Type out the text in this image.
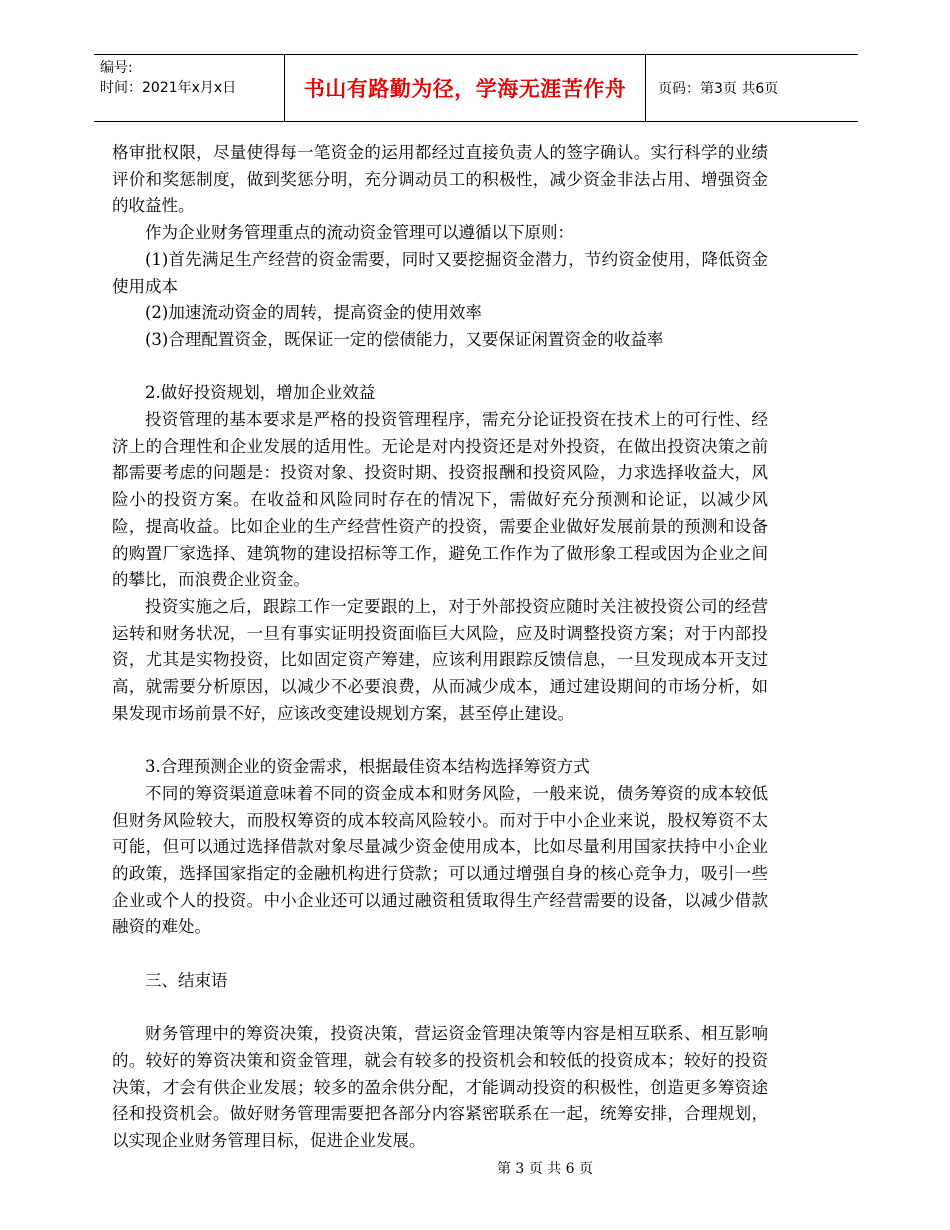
编号:
时间：2021年x月x日	书山有路勤为径，学海无涯苦作舟	页码：第3页 共6页

格审批权限，尽量使得每一笔资金的运用都经过直接负责人的签字确认。实行科学的业绩评价和奖惩制度，做到奖惩分明，充分调动员工的积极性，减少资金非法占用、增强资金的收益性。

作为企业财务管理重点的流动资金管理可以遵循以下原则：

(1)首先满足生产经营的资金需要，同时又要挖掘资金潜力，节约资金使用，降低资金使用成本

(2)加速流动资金的周转，提高资金的使用效率

(3)合理配置资金，既保证一定的偿债能力，又要保证闲置资金的收益率

2.做好投资规划，增加企业效益

投资管理的基本要求是严格的投资管理程序，需充分论证投资在技术上的可行性、经济上的合理性和企业发展的适用性。无论是对内投资还是对外投资，在做出投资决策之前都需要考虑的问题是：投资对象、投资时期、投资报酬和投资风险，力求选择收益大，风险小的投资方案。在收益和风险同时存在的情况下，需做好充分预测和论证，以减少风险，提高收益。比如企业的生产经营性资产的投资，需要企业做好发展前景的预测和设备的购置厂家选择、建筑物的建设招标等工作，避免工作作为了做形象工程或因为企业之间的攀比，而浪费企业资金。

投资实施之后，跟踪工作一定要跟的上，对于外部投资应随时关注被投资公司的经营运转和财务状况，一旦有事实证明投资面临巨大风险，应及时调整投资方案；对于内部投资，尤其是实物投资，比如固定资产筹建，应该利用跟踪反馈信息，一旦发现成本开支过高，就需要分析原因，以减少不必要浪费，从而减少成本，通过建设期间的市场分析，如果发现市场前景不好，应该改变建设规划方案，甚至停止建设。

3.合理预测企业的资金需求，根据最佳资本结构选择筹资方式

不同的筹资渠道意味着不同的资金成本和财务风险，一般来说，债务筹资的成本较低但财务风险较大，而股权筹资的成本较高风险较小。而对于中小企业来说，股权筹资不太可能，但可以通过选择借款对象尽量减少资金使用成本，比如尽量利用国家扶持中小企业的政策，选择国家指定的金融机构进行贷款；可以通过增强自身的核心竞争力，吸引一些企业或个人的投资。中小企业还可以通过融资租赁取得生产经营需要的设备，以减少借款融资的难处。

三、结束语

财务管理中的筹资决策，投资决策，营运资金管理决策等内容是相互联系、相互影响的。较好的筹资决策和资金管理，就会有较多的投资机会和较低的投资成本；较好的投资决策，才会有供企业发展；较多的盈余供分配，才能调动投资的积极性，创造更多筹资途径和投资机会。做好财务管理需要把各部分内容紧密联系在一起，统筹安排，合理规划，以实现企业财务管理目标，促进企业发展。

第 3 页 共 6 页
